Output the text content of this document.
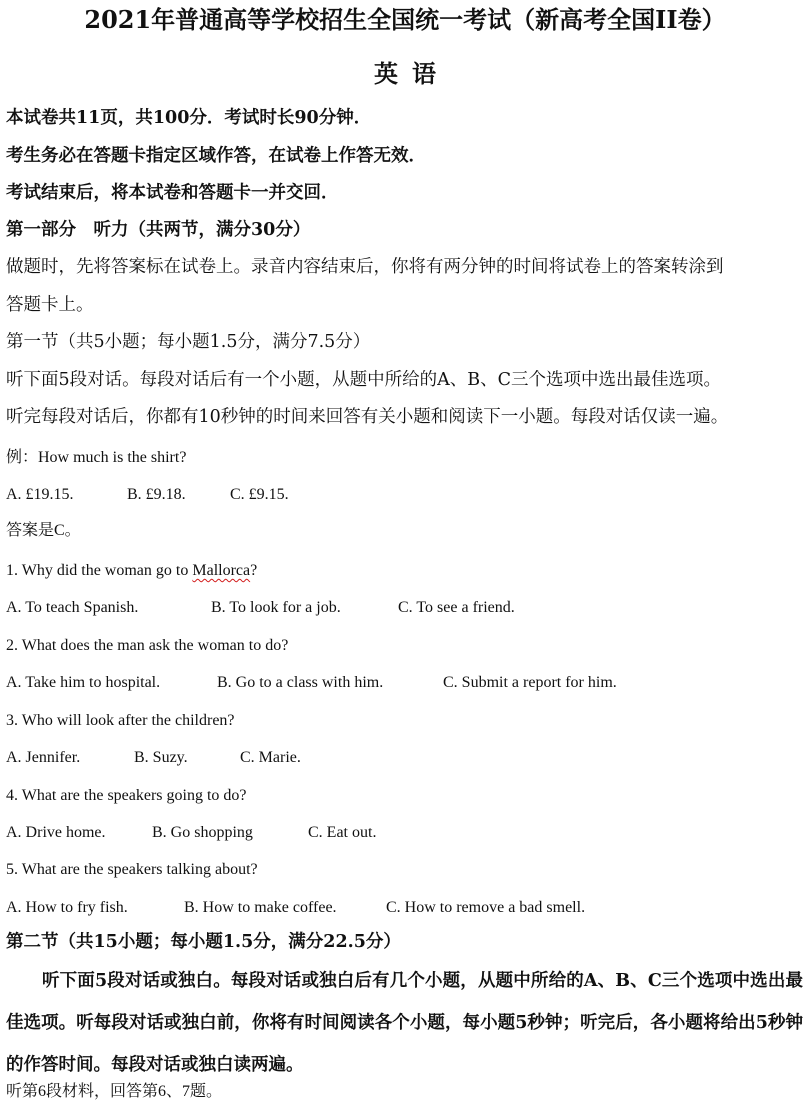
2021年普通高等学校招生全国统一考试（新高考全国II卷）
英语
本试卷共11页，共100分．考试时长90分钟．
考生务必在答题卡指定区域作答，在试卷上作答无效．
考试结束后，将本试卷和答题卡一并交回．
第一部分　听力（共两节，满分30分）
做题时，先将答案标在试卷上。录音内容结束后，你将有两分钟的时间将试卷上的答案转涂到
答题卡上。
第一节（共5小题；每小题1.5分，满分7.5分）
听下面5段对话。每段对话后有一个小题，从题中所给的A、B、C三个选项中选出最佳选项。
听完每段对话后，你都有10秒钟的时间来回答有关小题和阅读下一小题。每段对话仅读一遍。
例：How much is the shirt?
A. £19.15.	B. £9.18.	C. £9.15.
答案是C。
1. Why did the woman go to Mallorca?
A. To teach Spanish.	B. To look for a job.	C. To see a friend.
2. What does the man ask the woman to do?
A. Take him to hospital.	B. Go to a class with him.	C. Submit a report for him.
3. Who will look after the children?
A. Jennifer.	B. Suzy.	C. Marie.
4. What are the speakers going to do?
A. Drive home.	B. Go shopping	C. Eat out.
5. What are the speakers talking about?
A. How to fry fish.	B. How to make coffee.	C. How to remove a bad smell.
第二节（共15小题；每小题1.5分，满分22.5分）
听下面5段对话或独白。每段对话或独白后有几个小题，从题中所给的A、B、C三个选项中选出最佳选项。听每段对话或独白前，你将有时间阅读各个小题，每小题5秒钟；听完后，各小题将给出5秒钟的作答时间。每段对话或独白读两遍。
听第6段材料，回答第6、7题。
